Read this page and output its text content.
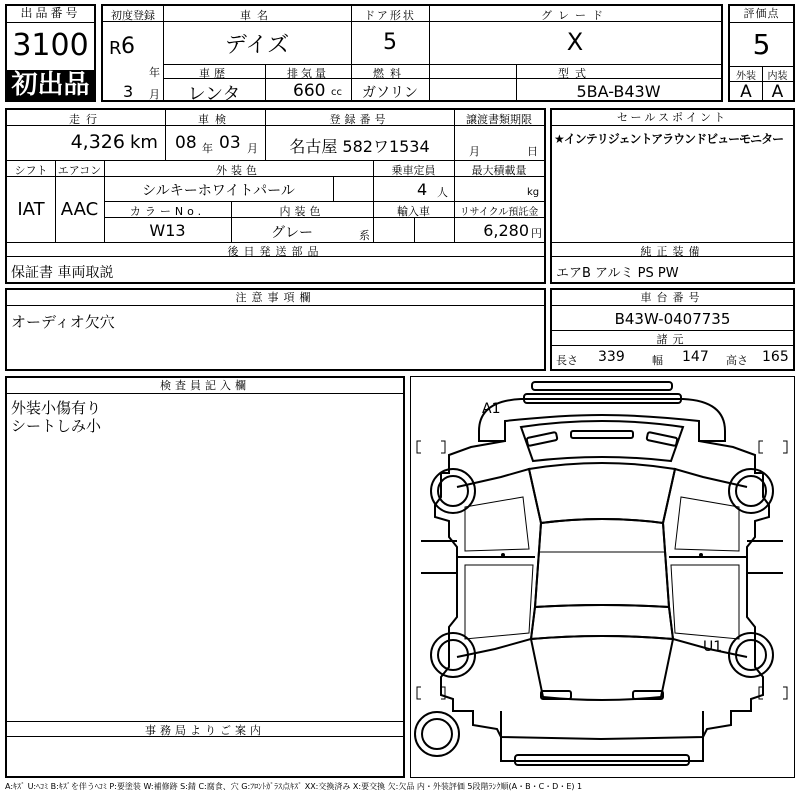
出品番号
3100
初出品
初度登録
R 6
年
3 月
車名
デイズ
ドア形状
5
グレード
X
車歴
レンタ
排気量
660 cc
燃料
ガソリン
型式
5BA-B43W
評価点
5
外装	内装
A	A
走行
4,326 km
車検
08 年 03 月
登録番号
名古屋 582ワ1534
譲渡書類期限
月	日
シフト
IAT
エアコン
AAC
外装色
シルキーホワイトパール
乗車定員
4 人
最大積載量
kg
カラーNo.
W13
内装色
グレー	系
輸入車	リサイクル預託金
6,280 円
後日発送部品
保証書 車両取説
セールスポイント
★インテリジェントアラウンドビューモニター
純正装備
エアB アルミ PS PW
注意事項欄
オーディオ欠穴
車台番号
B43W-0407735
諸元
長さ 339 幅 147 高さ 165
検査員記入欄
外装小傷有り
シートしみ小
事務局よりご案内
A1
U1
A:ｷｽﾞ U:ﾍｺﾐ B:ｷｽﾞを伴うﾍｺﾐ P:要塗装 W:補修跡 S:錆 C:腐食、穴 G:ﾌﾛﾝﾄｶﾞﾗｽ点ｷｽﾞ XX:交換済み X:要交換 欠:欠品 内・外装評価 5段階ﾗﾝｸ順(A・B・C・D・E) 1
